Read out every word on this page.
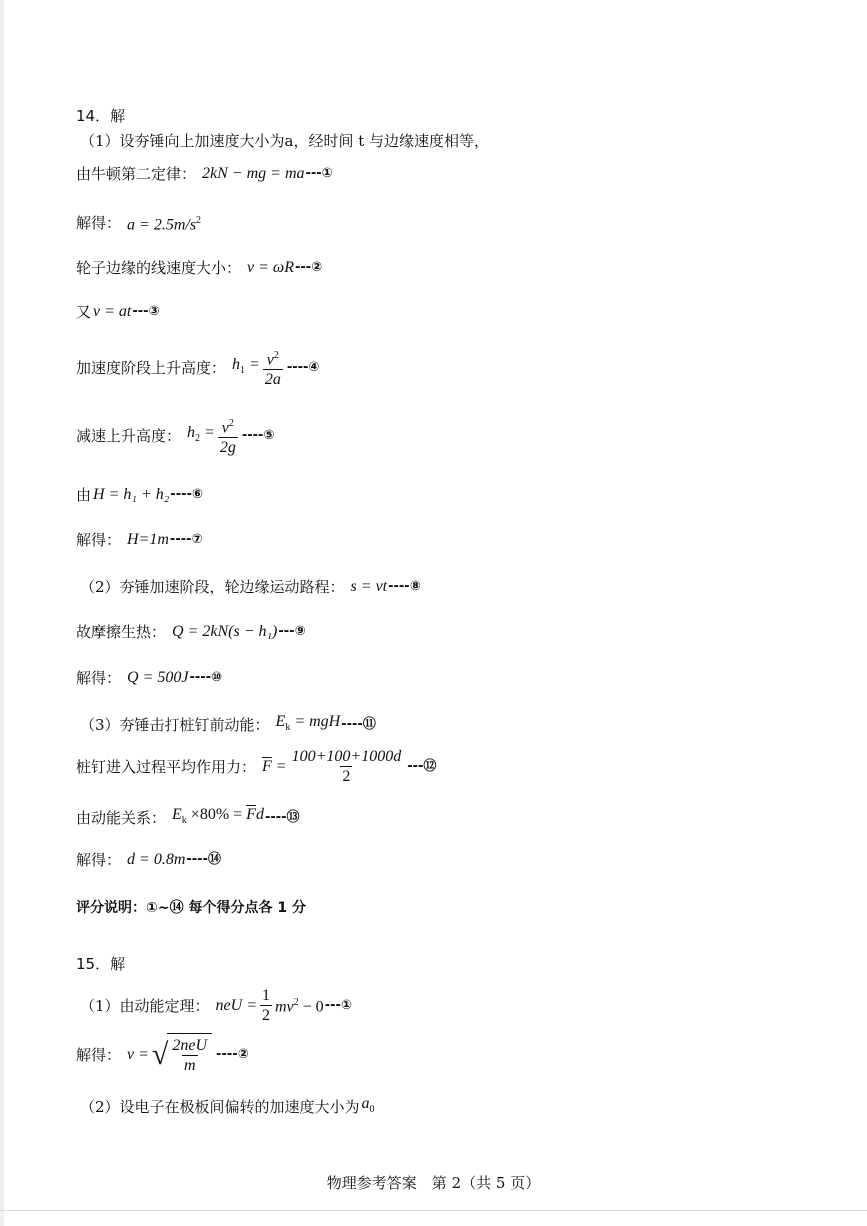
14．解
（1）设夯锤向上加速度大小为a，经时间 t 与边缘速度相等，
由牛顿第二定律： 2kN − mg = ma ---①
解得： $a = 2.5m/s^2$
轮子边缘的线速度大小： v = ωR ---②
又 v = at ---③
加速度阶段上升高度： $h_1 = \frac{v^2}{2a}$ ----④
减速上升高度： $h_2 = \frac{v^2}{2g}$ ----⑤
由 H = h₁ + h₂ ----⑥
解得： H=1m ----⑦
（2）夯锤加速阶段，轮边缘运动路程： s = vt ----⑧
故摩擦生热： Q = 2kN(s − h₁) ---⑨
解得： Q = 500J ----⑩
（3）夯锤击打桩钉前动能： $E_k$ = mgH ----⑪
桩钉进入过程平均作用力： $\overline{F} = \frac{100+100+1000d}{2}$ ---⑫
由动能关系： $E_k \times 80\% = \overline{F}d$ ----⑬
解得： d = 0.8m ----⑭
评分说明：①~⑭ 每个得分点各 1 分
15．解
（1）由动能定理： neU = $\frac{1}{2} mv^2 - 0$ ---①
解得： v = √ $\frac{\text{2neU}}{m}$ ----②
（2）设电子在极板间偏转的加速度大小为 $a_0$
物理参考答案　第 2（共 5 页）
